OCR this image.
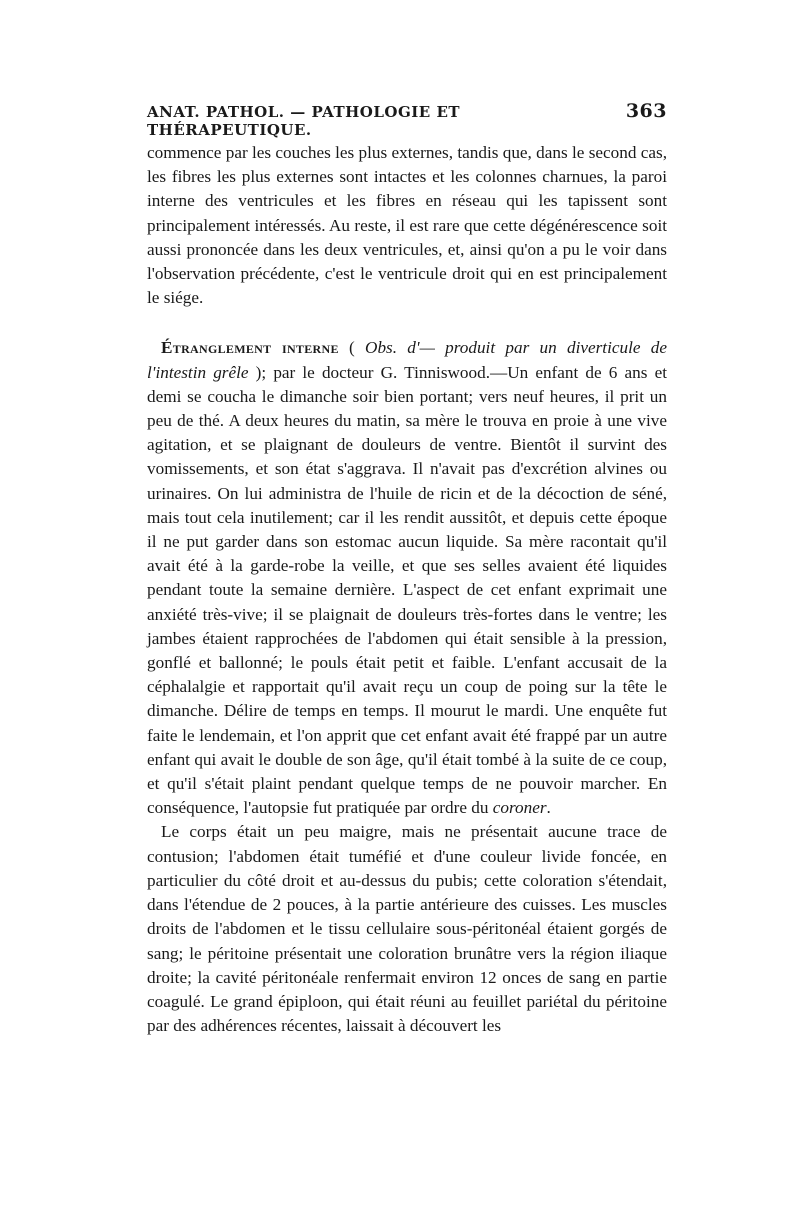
ANAT. PATHOL. — PATHOLOGIE ET THÉRAPEUTIQUE.
363

commence par les couches les plus externes, tandis que, dans le second cas, les fibres les plus externes sont intactes et les colonnes charnues, la paroi interne des ventricules et les fibres en réseau qui les tapissent sont principalement intéressés. Au reste, il est rare que cette dégénérescence soit aussi prononcée dans les deux ventricules, et, ainsi qu'on a pu le voir dans l'observation précédente, c'est le ventricule droit qui en est principalement le siége.

Étranglement interne ( Obs. d'— produit par un diverticule de l'intestin grêle ); par le docteur G. Tinniswood.—Un enfant de 6 ans et demi se coucha le dimanche soir bien portant; vers neuf heures, il prit un peu de thé. A deux heures du matin, sa mère le trouva en proie à une vive agitation, et se plaignant de douleurs de ventre. Bientôt il survint des vomissements, et son état s'aggrava. Il n'avait pas d'excrétion alvines ou urinaires. On lui administra de l'huile de ricin et de la décoction de séné, mais tout cela inutilement; car il les rendit aussitôt, et depuis cette époque il ne put garder dans son estomac aucun liquide. Sa mère racontait qu'il avait été à la garde-robe la veille, et que ses selles avaient été liquides pendant toute la semaine dernière. L'aspect de cet enfant exprimait une anxiété très-vive; il se plaignait de douleurs très-fortes dans le ventre; les jambes étaient rapprochées de l'abdomen qui était sensible à la pression, gonflé et ballonné; le pouls était petit et faible. L'enfant accusait de la céphalalgie et rapportait qu'il avait reçu un coup de poing sur la tête le dimanche. Délire de temps en temps. Il mourut le mardi. Une enquête fut faite le lendemain, et l'on apprit que cet enfant avait été frappé par un autre enfant qui avait le double de son âge, qu'il était tombé à la suite de ce coup, et qu'il s'était plaint pendant quelque temps de ne pouvoir marcher. En conséquence, l'autopsie fut pratiquée par ordre du coroner.

Le corps était un peu maigre, mais ne présentait aucune trace de contusion; l'abdomen était tuméfié et d'une couleur livide foncée, en particulier du côté droit et au-dessus du pubis; cette coloration s'étendait, dans l'étendue de 2 pouces, à la partie antérieure des cuisses. Les muscles droits de l'abdomen et le tissu cellulaire sous-péritonéal étaient gorgés de sang; le péritoine présentait une coloration brunâtre vers la région iliaque droite; la cavité péritonéale renfermait environ 12 onces de sang en partie coagulé. Le grand épiploon, qui était réuni au feuillet pariétal du péritoine par des adhérences récentes, laissait à découvert les
